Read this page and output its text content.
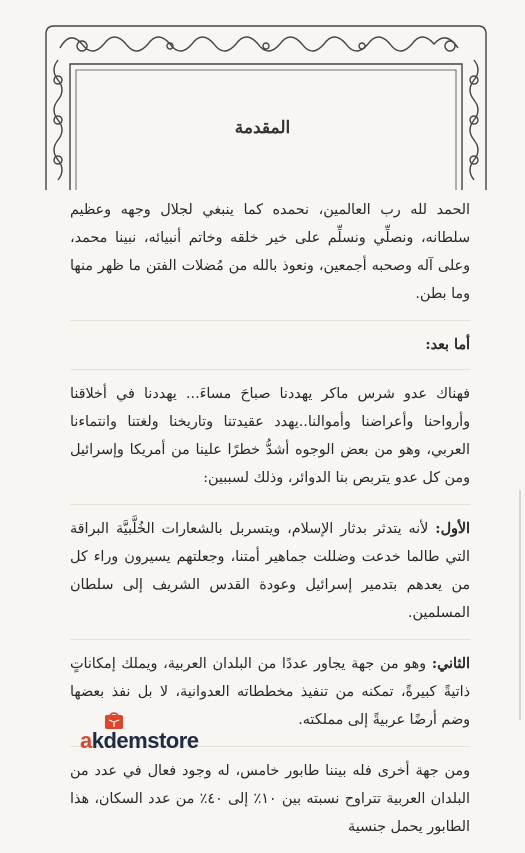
المقدمة

الحمد لله رب العالمين، نحمده كما ينبغي لجلال وجهه وعظيم سلطانه، ونصلِّي ونسلِّم على خير خلقه وخاتم أنبيائه، نبينا محمد، وعلى آله وصحبه أجمعين، ونعوذ بالله من مُضلات الفتن ما ظهر منها وما بطن.

أما بعد:

فهناك عدو شرس ماكر يهددنا صباحَ مساءَ... يهددنا في أخلاقنا وأرواحنا وأعراضنا وأموالنا..يهدد عقيدتنا وتاريخنا ولغتنا وانتماءنا العربي، وهو من بعض الوجوه أشدُّ خطرًا علينا من أمريكا وإسرائيل ومن كل عدو يتربص بنا الدوائر، وذلك لسببين:

الأول: لأنه يتدثر بدثار الإسلام، ويتسربل بالشعارات الخُلَّبيَّة البراقة التي طالما خدعت وضللت جماهير أمتنا، وجعلتهم يسيرون وراء كل من يعدهم بتدمير إسرائيل وعودة القدس الشريف إلى سلطان المسلمين.

الثاني: وهو من جهة يجاور عددًا من البلدان العربية، ويملك إمكاناتٍ ذاتيةً كبيرةً، تمكنه من تنفيذ مخططاته العدوانية، لا بل نفذ بعضها وضم أرضًا عربيةً إلى مملكته.

ومن جهة أخرى فله بيننا طابور خامس، له وجود فعال في عدد من البلدان العربية تتراوح نسبته بين ١٠٪ إلى ٤٠٪ من عدد السكان، هذا الطابور يحمل جنسية

akdemstore
